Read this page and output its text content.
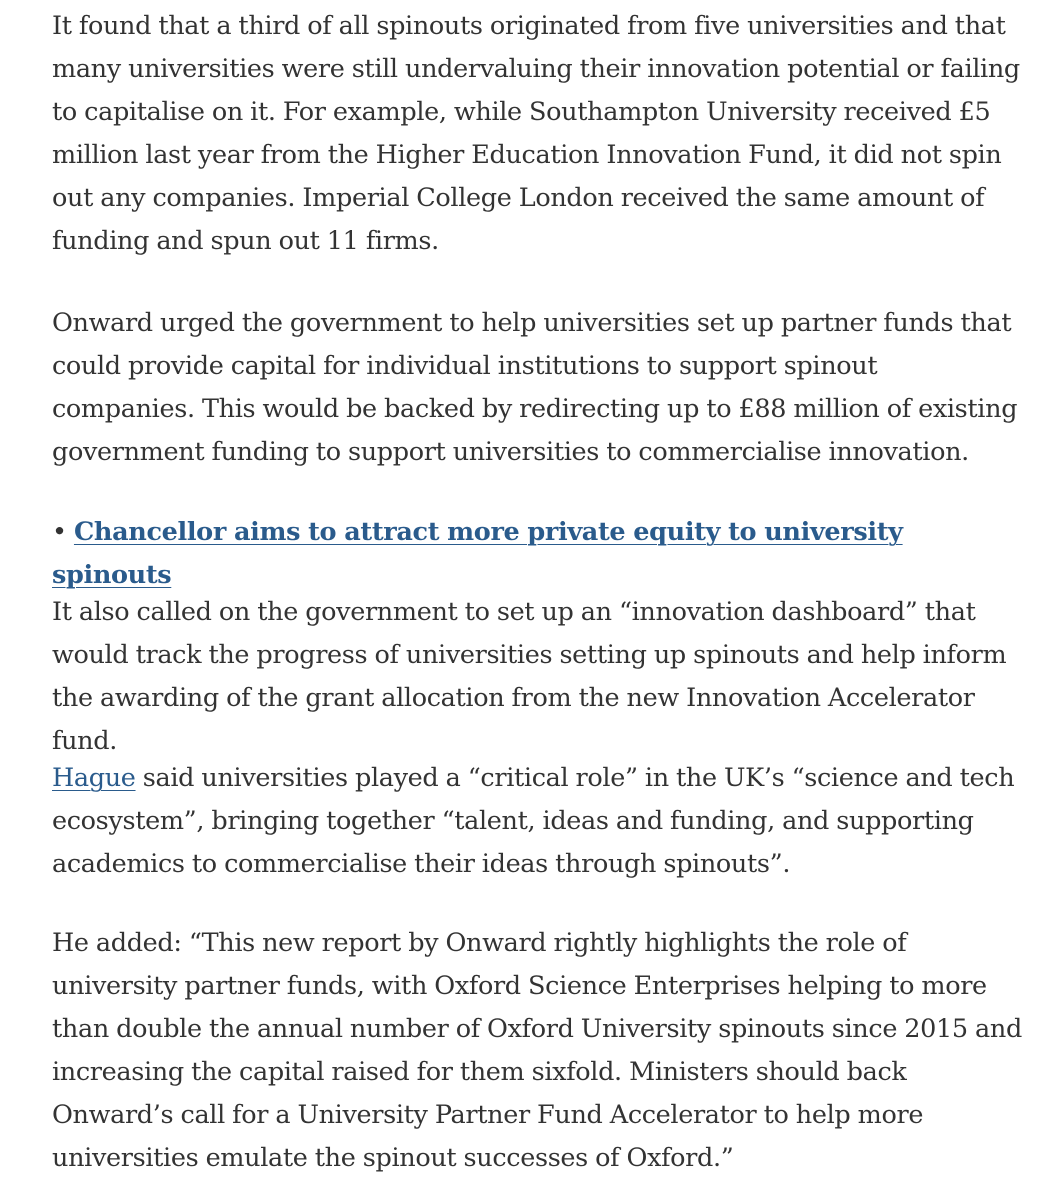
It found that a third of all spinouts originated from five universities and that many universities were still undervaluing their innovation potential or failing to capitalise on it. For example, while Southampton University received £5 million last year from the Higher Education Innovation Fund, it did not spin out any companies. Imperial College London received the same amount of funding and spun out 11 firms.

Onward urged the government to help universities set up partner funds that could provide capital for individual institutions to support spinout companies. This would be backed by redirecting up to £88 million of existing government funding to support universities to commercialise innovation.

• Chancellor aims to attract more private equity to university spinouts

It also called on the government to set up an “innovation dashboard” that would track the progress of universities setting up spinouts and help inform the awarding of the grant allocation from the new Innovation Accelerator fund.

Hague said universities played a “critical role” in the UK’s “science and tech ecosystem”, bringing together “talent, ideas and funding, and supporting academics to commercialise their ideas through spinouts”.

He added: “This new report by Onward rightly highlights the role of university partner funds, with Oxford Science Enterprises helping to more than double the annual number of Oxford University spinouts since 2015 and increasing the capital raised for them sixfold. Ministers should back Onward’s call for a University Partner Fund Accelerator to help more universities emulate the spinout successes of Oxford.”
